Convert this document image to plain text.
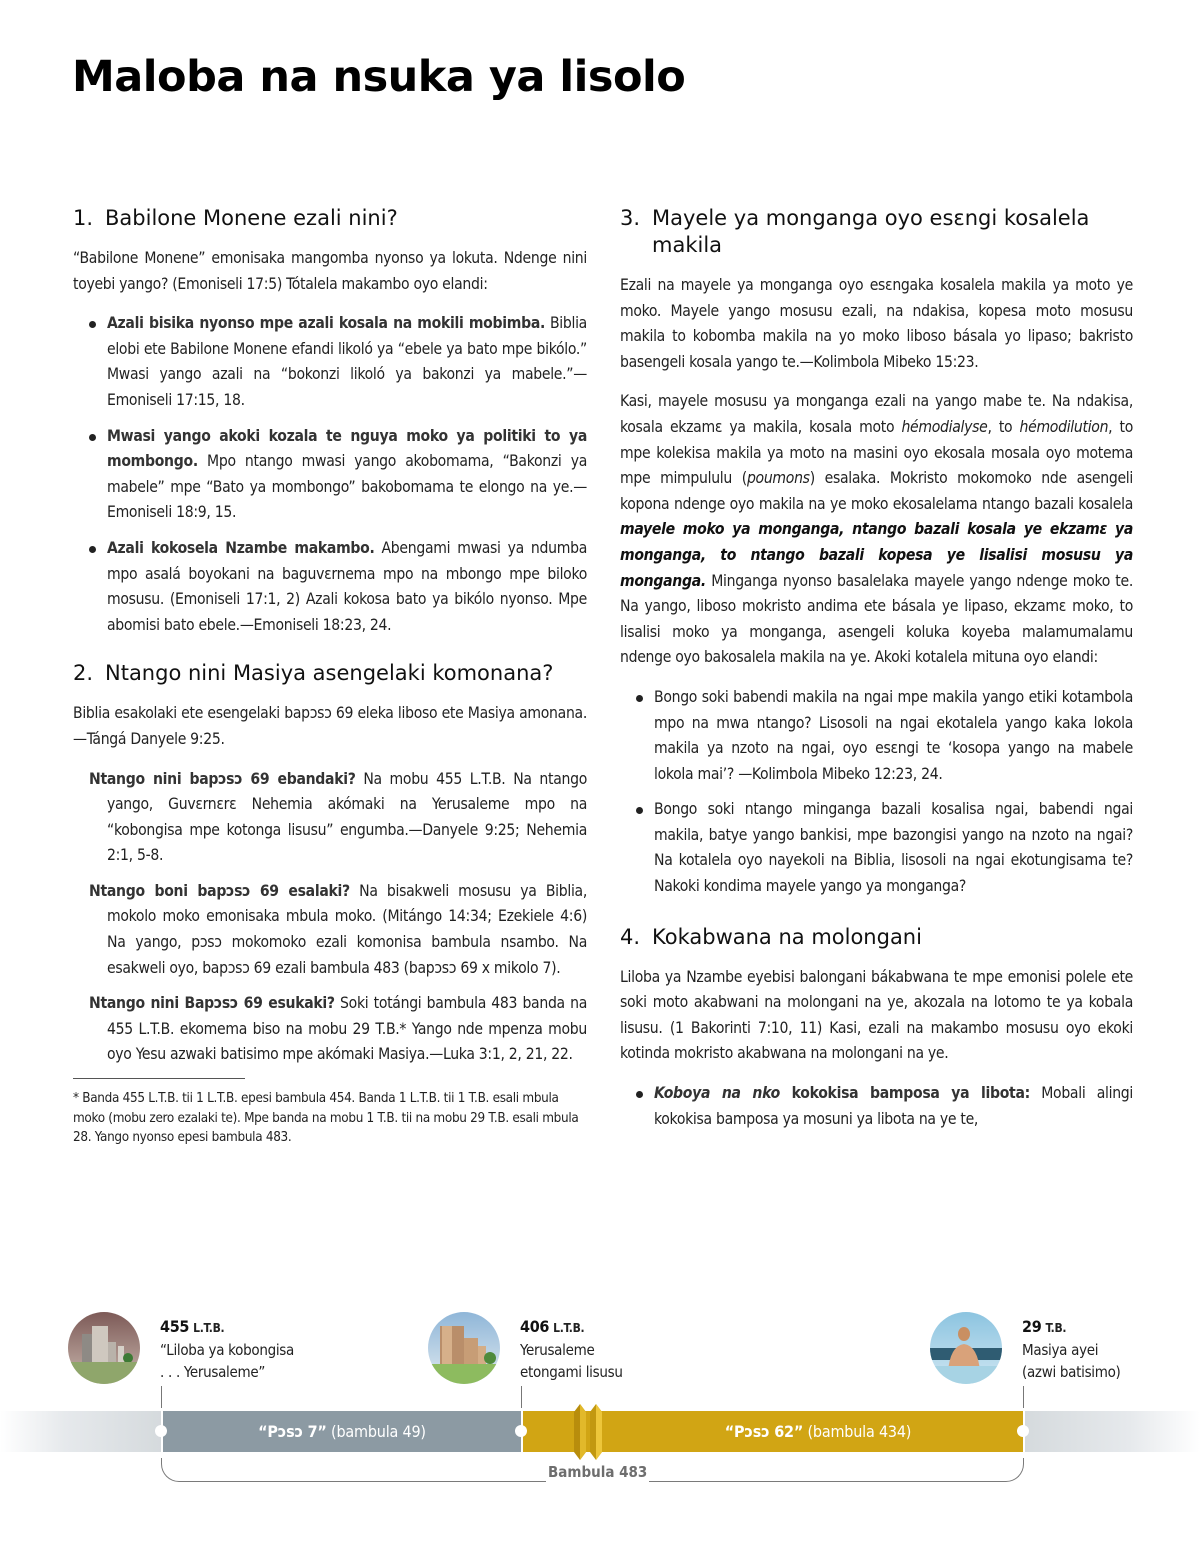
Maloba na nsuka ya lisolo
1. Babilone Monene ezali nini?

“Babilone Monene” emonisaka mangomba nyonso ya lokuta. Ndenge nini toyebi yango? (Emoniseli 17:5) Tótalela makambo oyo elandi:

Azali bisika nyonso mpe azali kosala na mokili mobimba. Biblia elobi ete Babilone Monene efandi likoló ya “ebele ya bato mpe bikólo.” Mwasi yango azali na “bokonzi likoló ya bakonzi ya mabele.”—Emoniseli 17:15, 18.
Mwasi yango akoki kozala te nguya moko ya politiki to ya mombongo. Mpo ntango mwasi yango akobomama, “Bakonzi ya mabele” mpe “Bato ya mombongo” bakobomama te elongo na ye.—Emoniseli 18:9, 15.
Azali kokosela Nzambe makambo. Abengami mwasi ya ndumba mpo asalá boyokani na baguvɛrnema mpo na mbongo mpe biloko mosusu. (Emoniseli 17:1, 2) Azali kokosa bato ya bikólo nyonso. Mpe abomisi bato ebele.—Emoniseli 18:23, 24.
2. Ntango nini Masiya asengelaki komonana?

Biblia esakolaki ete esengelaki bapɔsɔ 69 eleka liboso ete Masiya amonana.—Tángá Danyele 9:25.

Ntango nini bapɔsɔ 69 ebandaki? Na mobu 455 L.T.B. Na ntango yango, Guvɛrnɛrɛ Nehemia akómaki na Yerusaleme mpo na “kobongisa mpe kotonga lisusu” engumba.—Danyele 9:25; Nehemia 2:1, 5-8.
Ntango boni bapɔsɔ 69 esalaki? Na bisakweli mosusu ya Biblia, mokolo moko emonisaka mbula moko. (Mitángo 14:34; Ezekiele 4:6) Na yango, pɔsɔ mokomoko ezali komonisa bambula nsambo. Na esakweli oyo, bapɔsɔ 69 ezali bambula 483 (bapɔsɔ 69 x mikolo 7).
Ntango nini Bapɔsɔ 69 esukaki? Soki totángi bambula 483 banda na 455 L.T.B. ekomema biso na mobu 29 T.B.* Yango nde mpenza mobu oyo Yesu azwaki batisimo mpe akómaki Masiya.—Luka 3:1, 2, 21, 22.

* Banda 455 L.T.B. tii 1 L.T.B. epesi bambula 454. Banda 1 L.T.B. tii 1 T.B. esali mbula moko (mobu zero ezalaki te). Mpe banda na mobu 1 T.B. tii na mobu 29 T.B. esali mbula 28. Yango nyonso epesi bambula 483.

3. Mayele ya monganga oyo esɛngi kosalela makila

Ezali na mayele ya monganga oyo esɛngaka kosalela makila ya moto ye moko. Mayele yango mosusu ezali, na ndakisa, kopesa moto mosusu makila to kobomba makila na yo moko liboso básala yo lipaso; bakristo basengeli kosala yango te.—Kolimbola Mibeko 15:23.

Kasi, mayele mosusu ya monganga ezali na yango mabe te. Na ndakisa, kosala ekzamɛ ya makila, kosala moto hémodialyse, to hémodilution, to mpe kolekisa makila ya moto na masini oyo ekosala mosala oyo motema mpe mimpululu (poumons) esalaka. Mokristo mokomoko nde asengeli kopona ndenge oyo makila na ye moko ekosalelama ntango bazali kosalela mayele moko ya monganga, ntango bazali kosala ye ekzamɛ ya monganga, to ntango bazali kopesa ye lisalisi mosusu ya monganga. Minganga nyonso basalelaka mayele yango ndenge moko te. Na yango, liboso mokristo andima ete básala ye lipaso, ekzamɛ moko, to lisalisi moko ya monganga, asengeli koluka koyeba malamumalamu ndenge oyo bakosalela makila na ye. Akoki kotalela mituna oyo elandi:

Bongo soki babendi makila na ngai mpe makila yango etiki kotambola mpo na mwa ntango? Lisosoli na ngai ekotalela yango kaka lokola makila ya nzoto na ngai, oyo esɛngi te ‘kosopa yango na mabele lokola mai’? —Kolimbola Mibeko 12:23, 24.
Bongo soki ntango minganga bazali kosalisa ngai, babendi ngai makila, batye yango bankisi, mpe bazongisi yango na nzoto na ngai? Na kotalela oyo nayekoli na Biblia, lisosoli na ngai ekotungisama te? Nakoki kondima mayele yango ya monganga?
4. Kokabwana na molongani

Liloba ya Nzambe eyebisi balongani bákabwana te mpe emonisi polele ete soki moto akabwani na molongani na ye, akozala na lotomo te ya kobala lisusu. (1 Bakorinti 7:10, 11) Kasi, ezali na makambo mosusu oyo ekoki kotinda mokristo akabwana na molongani na ye.

Koboya na nko kokokisa bamposa ya libota: Mobali alingi kokokisa bamposa ya mosuni ya libota na ye te,
455 L.T.B.
“Liloba ya kobongisa
. . . Yerusaleme”
406 L.T.B.
Yerusaleme
etongami lisusu
29 T.B.
Masiya ayei
(azwi batisimo)
“Pɔsɔ 7” (bambula 49)	“Pɔsɔ 62” (bambula 434)
Bambula 483
